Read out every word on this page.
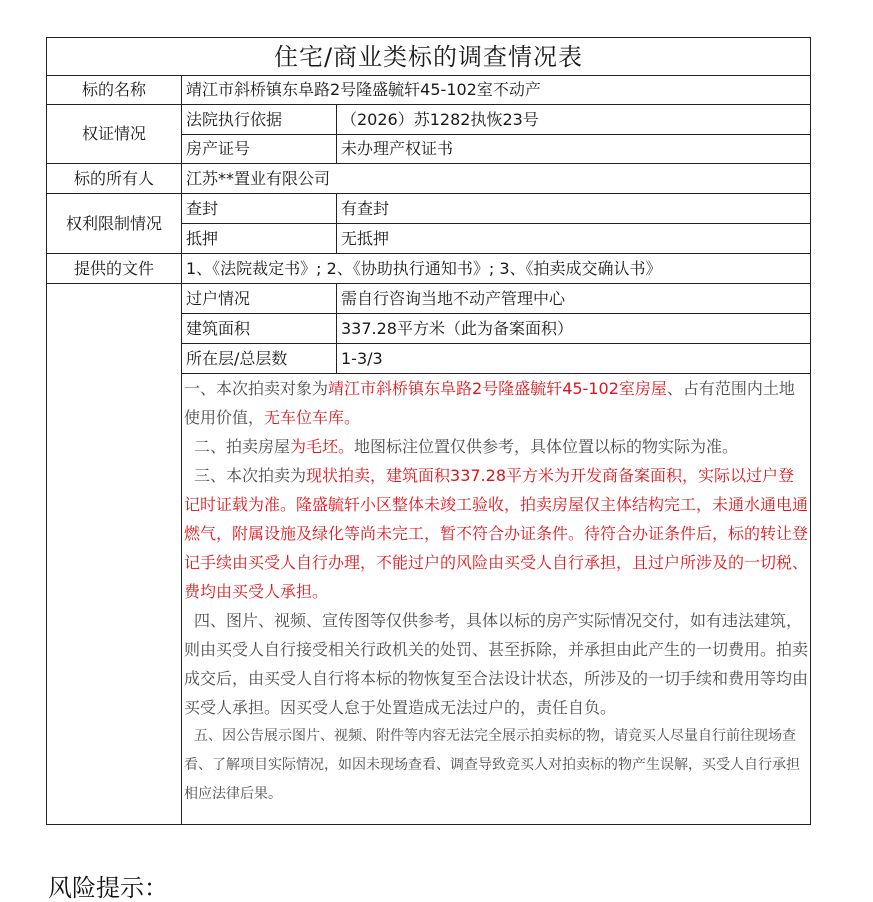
住宅/商业类标的调查情况表		
标的名称	靖江市斜桥镇东阜路2号隆盛毓轩45-102室不动产	
权证情况	法院执行依据	（2026）苏1282执恢23号
	房产证号	未办理产权证书
标的所有人	江苏**置业有限公司	
权利限制情况	查封	有查封
	抵押	无抵押
提供的文件	1、《法院裁定书》; 2、《协助执行通知书》; 3、《拍卖成交确认书》	
	过户情况	需自行咨询当地不动产管理中心
	建筑面积	337.28平方米（此为备案面积）
	所在层/总层数	1-3/3

	一、本次拍卖对象为靖江市斜桥镇东阜路2号隆盛毓轩45-102室房屋、占有范围内土地使用价值，无车位车库。

二、拍卖房屋为毛坯。地图标注位置仅供参考，具体位置以标的物实际为准。

三、本次拍卖为现状拍卖，建筑面积337.28平方米为开发商备案面积，实际以过户登记时证载为准。隆盛毓轩小区整体未竣工验收，拍卖房屋仅主体结构完工，未通水通电通燃气，附属设施及绿化等尚未完工，暂不符合办证条件。待符合办证条件后，标的转让登记手续由买受人自行办理，不能过户的风险由买受人自行承担，且过户所涉及的一切税、费均由买受人承担。

四、图片、视频、宣传图等仅供参考，具体以标的房产实际情况交付，如有违法建筑，则由买受人自行接受相关行政机关的处罚、甚至拆除，并承担由此产生的一切费用。拍卖成交后，由买受人自行将本标的物恢复至合法设计状态，所涉及的一切手续和费用等均由买受人承担。因买受人怠于处置造成无法过户的，责任自负。

五、因公告展示图片、视频、附件等内容无法完全展示拍卖标的物，请竞买人尽量自行前往现场查看、了解项目实际情况，如因未现场查看、调查导致竞买人对拍卖标的物产生误解，买受人自行承担相应法律后果。	

风险提示：
